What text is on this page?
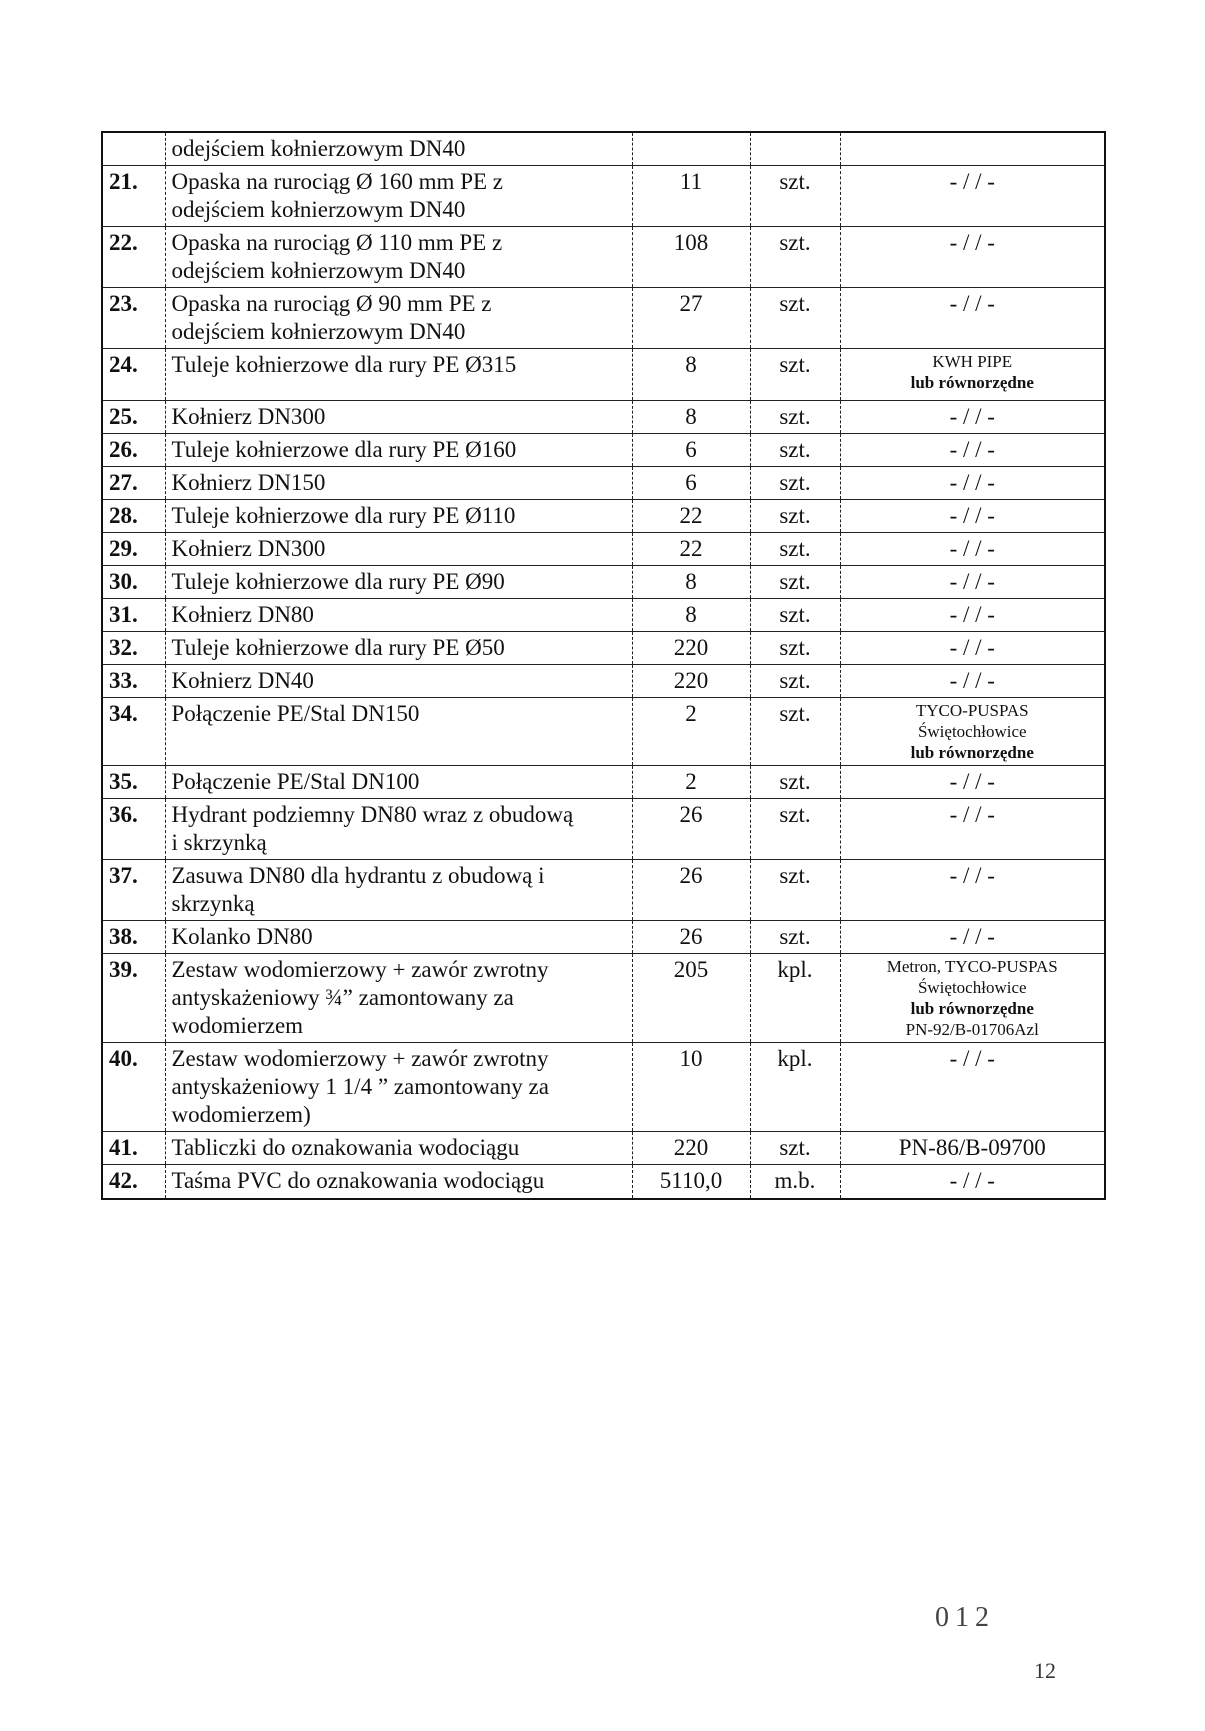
	odejściem kołnierzowym DN40			

21.	Opaska na rurociąg Ø 160 mm PE z
odejściem kołnierzowym DN40	11	szt.	- / / -

22.	Opaska na rurociąg Ø 110 mm PE z
odejściem kołnierzowym DN40	108	szt.	- / / -

23.	Opaska na rurociąg Ø 90 mm PE z
odejściem kołnierzowym DN40	27	szt.	- / / -

24.	Tuleje kołnierzowe dla rury PE Ø315	8	szt.	KWH PIPE
lub równorzędne

25.	Kołnierz DN300	8	szt.	- / / -

26.	Tuleje kołnierzowe dla rury PE Ø160	6	szt.	- / / -

27.	Kołnierz DN150	6	szt.	- / / -

28.	Tuleje kołnierzowe dla rury PE Ø110	22	szt.	- / / -

29.	Kołnierz DN300	22	szt.	- / / -

30.	Tuleje kołnierzowe dla rury PE Ø90	8	szt.	- / / -

31.	Kołnierz DN80	8	szt.	- / / -

32.	Tuleje kołnierzowe dla rury PE Ø50	220	szt.	- / / -

33.	Kołnierz DN40	220	szt.	- / / -

34.	Połączenie PE/Stal DN150	2	szt.	TYCO-PUSPAS
Świętochłowice
lub równorzędne

35.	Połączenie PE/Stal DN100	2	szt.	- / / -

36.	Hydrant podziemny DN80 wraz z obudową
i skrzynką	26	szt.	- / / -

37.	Zasuwa DN80 dla hydrantu z obudową i
skrzynką	26	szt.	- / / -

38.	Kolanko DN80	26	szt.	- / / -

39.	Zestaw wodomierzowy + zawór zwrotny
antyskażeniowy ¾” zamontowany za
wodomierzem	205	kpl.	Metron, TYCO-PUSPAS
Świętochłowice
lub równorzędne
PN-92/B-01706Azl

40.	Zestaw wodomierzowy + zawór zwrotny
antyskażeniowy 1 1/4 ” zamontowany za
wodomierzem)	10	kpl.	- / / -

41.	Tabliczki do oznakowania wodociągu	220	szt.	PN-86/B-09700

42.	Taśma PVC do oznakowania wodociągu	5110,0	m.b.	- / / -
012
12
